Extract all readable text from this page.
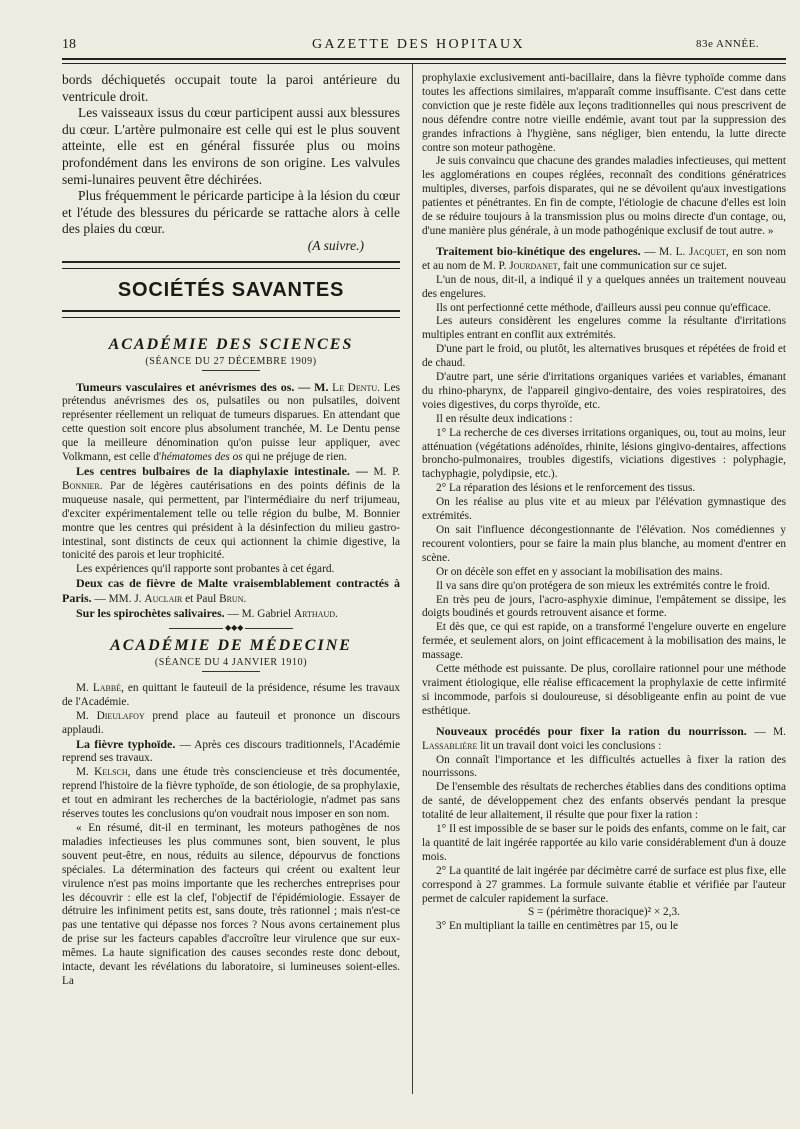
18	GAZETTE DES HOPITAUX	83e ANNÉE.

bords déchiquetés occupait toute la paroi antérieure du ventricule droit.

Les vaisseaux issus du cœur participent aussi aux blessures du cœur. L'artère pulmonaire est celle qui est le plus souvent atteinte, elle est en général fissurée plus ou moins profondément dans les environs de son origine. Les valvules semi-lunaires peuvent être déchirées.

Plus fréquemment le péricarde participe à la lésion du cœur et l'étude des blessures du péricarde se rattache alors à celle des plaies du cœur.

(A suivre.)

SOCIÉTÉS SAVANTES
ACADÉMIE DES SCIENCES
(SÉANCE DU 27 DÉCEMBRE 1909)

Tumeurs vasculaires et anévrismes des os. — M. Le Dentu. Les prétendus anévrismes des os, pulsatiles ou non pulsatiles, doivent représenter réellement un reliquat de tumeurs disparues. En attendant que cette question soit encore plus absolument tranchée, M. Le Dentu pense que la meilleure dénomination qu'on puisse leur appliquer, avec Volkmann, est celle d'hématomes des os qui ne préjuge de rien.

Les centres bulbaires de la diaphylaxie intestinale. — M. P. Bonnier. Par de légères cautérisations en des points définis de la muqueuse nasale, qui permettent, par l'intermédiaire du nerf trijumeau, d'exciter expérimentalement telle ou telle région du bulbe, M. Bonnier montre que les centres qui président à la désinfection du milieu gastro-intestinal, sont distincts de ceux qui actionnent la chimie digestive, la tonicité des parois et leur trophicité.

Les expériences qu'il rapporte sont probantes à cet égard.

Deux cas de fièvre de Malte vraisemblablement contractés à Paris. — MM. J. Auclair et Paul Brun.

Sur les spirochètes salivaires. — M. Gabriel Arthaud.

◆◆◆
ACADÉMIE DE MÉDECINE
(SÉANCE DU 4 JANVIER 1910)

M. Labbé, en quittant le fauteuil de la présidence, résume les travaux de l'Académie.

M. Dieulafoy prend place au fauteuil et prononce un discours applaudi.

La fièvre typhoïde. — Après ces discours traditionnels, l'Académie reprend ses travaux.

M. Kelsch, dans une étude très consciencieuse et très documentée, reprend l'histoire de la fièvre typhoïde, de son étiologie, de sa prophylaxie, et tout en admirant les recherches de la bactériologie, n'admet pas sans réserves toutes les conclusions qu'on voudrait nous imposer en son nom.

« En résumé, dit-il en terminant, les moteurs pathogènes de nos maladies infectieuses les plus communes sont, bien souvent, le plus souvent peut-être, en nous, réduits au silence, dépourvus de fonctions spéciales. La détermination des facteurs qui créent ou exaltent leur virulence n'est pas moins importante que les recherches entreprises pour les découvrir : elle est la clef, l'objectif de l'épidémiologie. Essayer de détruire les infiniment petits est, sans doute, très rationnel ; mais n'est-ce pas une tentative qui dépasse nos forces ? Nous avons certainement plus de prise sur les facteurs capables d'accroître leur virulence que sur eux-mêmes. La haute signification des causes secondes reste donc debout, intacte, devant les révélations du laboratoire, si lumineuses soient-elles. La

prophylaxie exclusivement anti-bacillaire, dans la fièvre typhoïde comme dans toutes les affections similaires, m'apparaît comme insuffisante. C'est dans cette conviction que je reste fidèle aux leçons traditionnelles qui nous prescrivent de nous défendre contre notre vieille endémie, avant tout par la suppression des grandes infractions à l'hygiène, sans négliger, bien entendu, la lutte directe contre son moteur pathogène.

Je suis convaincu que chacune des grandes maladies infectieuses, qui mettent les agglomérations en coupes réglées, reconnaît des conditions génératrices multiples, diverses, parfois disparates, qui ne se dévoilent qu'aux investigations patientes et pénétrantes. En fin de compte, l'étiologie de chacune d'elles est loin de se réduire toujours à la transmission plus ou moins directe d'un contage, ou, d'une manière plus générale, à un mode pathogénique exclusif de tout autre. »

Traitement bio-kinétique des engelures. — M. L. Jacquet, en son nom et au nom de M. P. Jourdanet, fait une communication sur ce sujet.

L'un de nous, dit-il, a indiqué il y a quelques années un traitement nouveau des engelures.

Ils ont perfectionné cette méthode, d'ailleurs aussi peu connue qu'efficace.

Les auteurs considèrent les engelures comme la résultante d'irritations multiples entrant en conflit aux extrémités.

D'une part le froid, ou plutôt, les alternatives brusques et répétées de froid et de chaud.

D'autre part, une série d'irritations organiques variées et variables, émanant du rhino-pharynx, de l'appareil gingivo-dentaire, des voies respiratoires, des voies digestives, du corps thyroïde, etc.

Il en résulte deux indications :

1° La recherche de ces diverses irritations organiques, ou, tout au moins, leur atténuation (végétations adénoïdes, rhinite, lésions gingivo-dentaires, affections broncho-pulmonaires, troubles digestifs, viciations digestives : polyphagie, tachyphagie, polydipsie, etc.).

2° La réparation des lésions et le renforcement des tissus.

On les réalise au plus vite et au mieux par l'élévation gymnastique des extrémités.

On sait l'influence décongestionnante de l'élévation. Nos comédiennes y recourent volontiers, pour se faire la main plus blanche, au moment d'entrer en scène.

Or on décèle son effet en y associant la mobilisation des mains.

Il va sans dire qu'on protégera de son mieux les extrémités contre le froid.

En très peu de jours, l'acro-asphyxie diminue, l'empâtement se dissipe, les doigts boudinés et gourds retrouvent aisance et forme.

Et dès que, ce qui est rapide, on a transformé l'engelure ouverte en engelure fermée, et seulement alors, on joint efficacement à la mobilisation des mains, le massage.

Cette méthode est puissante. De plus, corollaire rationnel pour une méthode vraiment étiologique, elle réalise efficacement la prophylaxie de cette infirmité si incommode, parfois si douloureuse, si désobligeante enfin au point de vue esthétique.

Nouveaux procédés pour fixer la ration du nourrisson. — M. Lassablière lit un travail dont voici les conclusions :

On connaît l'importance et les difficultés actuelles à fixer la ration des nourrissons.

De l'ensemble des résultats de recherches établies dans des conditions optima de santé, de développement chez des enfants observés pendant la presque totalité de leur allaitement, il résulte que pour fixer la ration :

1° Il est impossible de se baser sur le poids des enfants, comme on le fait, car la quantité de lait ingérée rapportée au kilo varie considérablement d'un à douze mois.

2° La quantité de lait ingérée par décimètre carré de surface est plus fixe, elle correspond à 27 grammes. La formule suivante établie et vérifiée par l'auteur permet de calculer rapidement la surface.

S = (périmètre thoracique)² × 2,3.

3° En multipliant la taille en centimètres par 15, ou le
